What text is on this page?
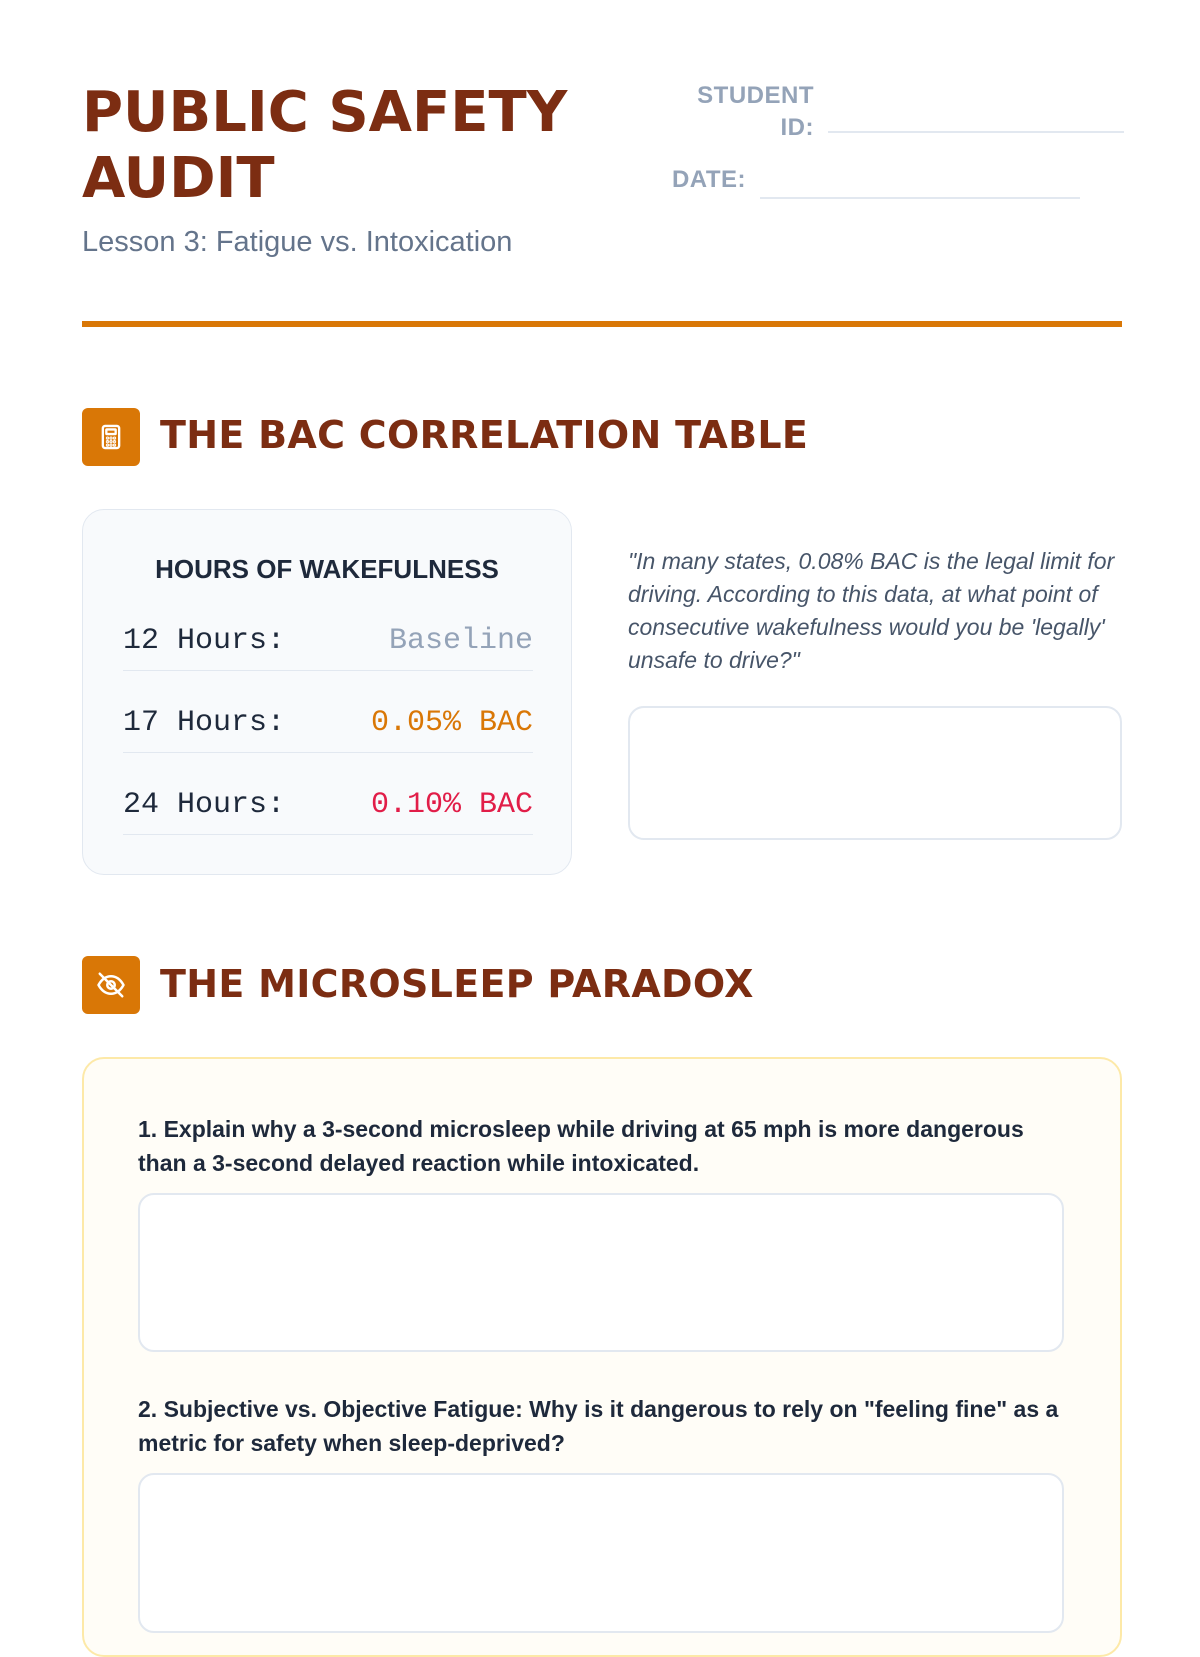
PUBLIC SAFETY AUDIT

Lesson 3: Fatigue vs. Intoxication

STUDENT
ID:
DATE:
THE BAC CORRELATION TABLE
HOURS OF WAKEFULNESS
12 Hours:	Baseline
17 Hours:	0.05% BAC
24 Hours:	0.10% BAC

"In many states, 0.08% BAC is the legal limit for driving. According to this data, at what point of consecutive wakefulness would you be 'legally' unsafe to drive?"

THE MICROSLEEP PARADOX

1. Explain why a 3-second microsleep while driving at 65 mph is more dangerous than a 3-second delayed reaction while intoxicated.

2. Subjective vs. Objective Fatigue: Why is it dangerous to rely on "feeling fine" as a metric for safety when sleep-deprived?
